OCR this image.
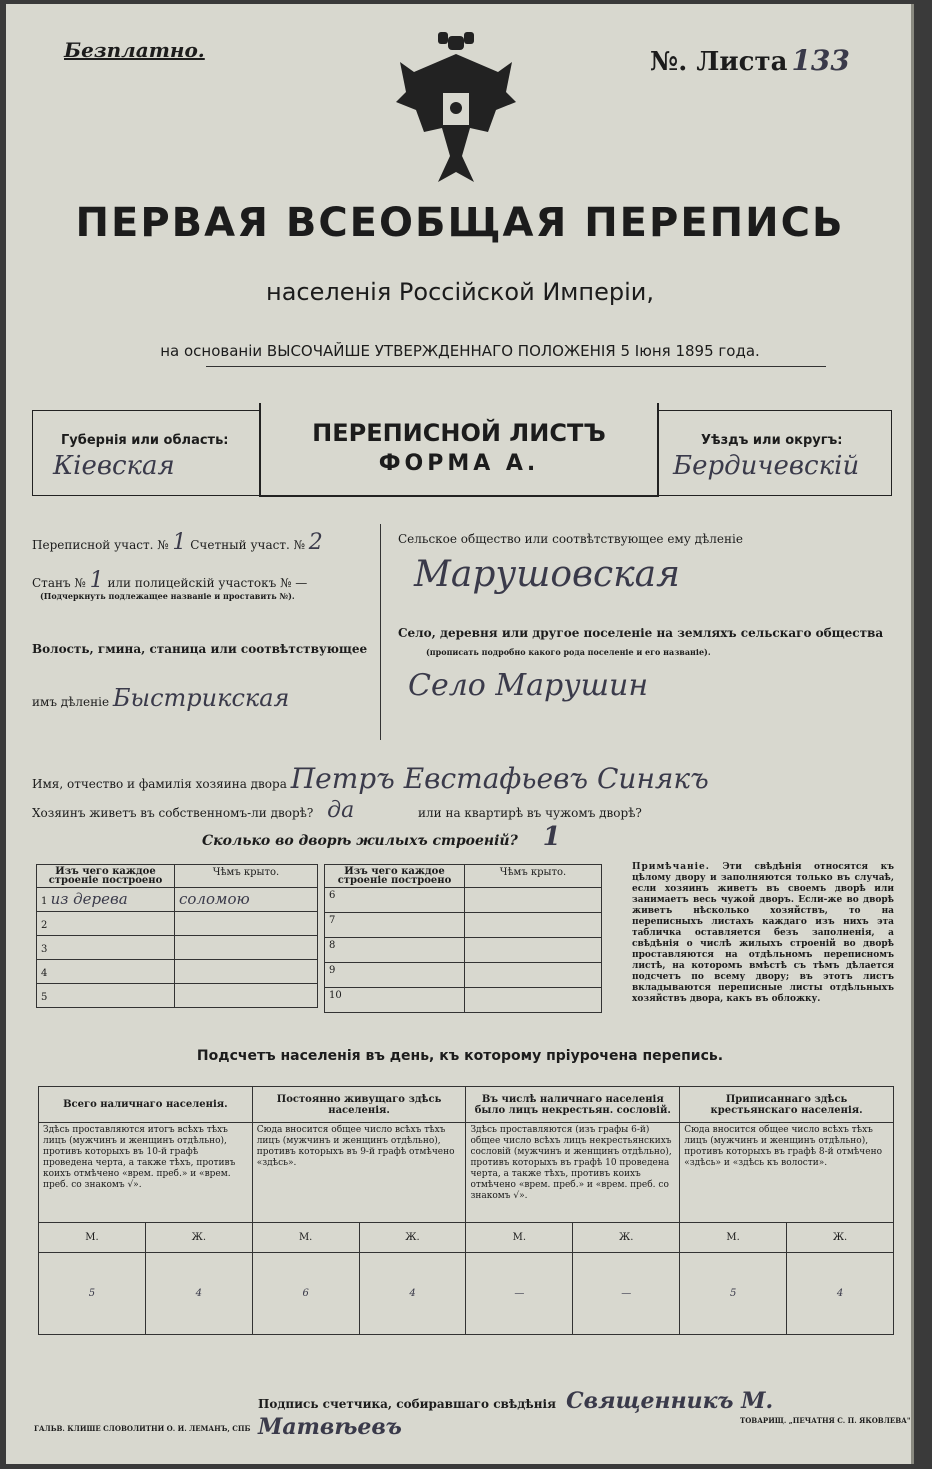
Безплатно.	№. Листа 133
ПЕРВАЯ ВСЕОБЩАЯ ПЕРЕПИСЬ
населенія Россійской Имперіи,
на основаніи ВЫСОЧАЙШЕ УТВЕРЖДЕННАГО ПОЛОЖЕНІЯ 5 Іюня 1895 года.
Губернія или область:
Кіевская
ПЕРЕПИСНОЙ ЛИСТЪ
ФОРМА А.
Уѣздъ или округъ:
Бердичевскій
Переписной участ. № 1 Счетный участ. № 2
Станъ № 1 или полицейскій участокъ № —
(Подчеркнуть подлежащее названіе и проставить №).
Волость, гмина, станица или соотвѣтствующее
имъ дѣленіе Быстрикская
Сельское общество или соотвѣтствующее ему дѣленіе
Марушовская
Село, деревня или другое поселеніе на земляхъ сельскаго общества
(прописать подробно какого рода поселеніе и его названіе).
Село Марушин
Имя, отчество и фамилія хозяина двора Петръ Евстафьевъ Синякъ
Хозяинъ живетъ въ собственномъ-ли дворѣ? да	или на квартирѣ въ чужомъ дворѣ?
Сколько во дворѣ жилыхъ строеній? 1
Изъ чего каждое строеніе построено	Чѣмъ крыто.
1 из дерева	соломою
2	
3	
4	
5	
Изъ чего каждое строеніе построено	Чѣмъ крыто.
6	
7	
8	
9	
10	
Примѣчаніе. Эти свѣдѣнія относятся къ цѣлому двору и заполняются только въ случаѣ, если хозяинъ живетъ въ своемъ дворѣ или занимаетъ весь чужой дворъ. Если-же во дворѣ живетъ нѣсколько хозяйствъ, то на переписныхъ листахъ каждаго изъ нихъ эта табличка оставляется безъ заполненія, а свѣдѣнія о числѣ жилыхъ строеній во дворѣ проставляются на отдѣльномъ переписномъ листѣ, на которомъ вмѣстѣ съ тѣмъ дѣлается подсчетъ по всему двору; въ этотъ листъ вкладываются переписные листы отдѣльныхъ хозяйствъ двора, какъ въ обложку.
Подсчетъ населенія въ день, къ которому пріурочена перепись.
Всего наличнаго населенія.		Постоянно живущаго здѣсь населенія.		Въ числѣ наличнаго населенія было лицъ некрестьян. сословій.		Приписаннаго здѣсь крестьянскаго населенія.	
Здѣсь проставляются итогъ всѣхъ тѣхъ лицъ (мужчинъ и женщинъ отдѣльно), противъ которыхъ въ 10-й графѣ проведена черта, а также тѣхъ, противъ коихъ отмѣчено «врем. преб.» и «врем. преб. со знакомъ √».		Сюда вносится общее число всѣхъ тѣхъ лицъ (мужчинъ и женщинъ отдѣльно), противъ которыхъ въ 9-й графѣ отмѣчено «здѣсь».		Здѣсь проставляются (изъ графы 6-й) общее число всѣхъ лицъ некрестьянскихъ сословій (мужчинъ и женщинъ отдѣльно), противъ которыхъ въ графѣ 10 проведена черта, а также тѣхъ, противъ коихъ отмѣчено «врем. преб.» и «врем. преб. со знакомъ √».		Сюда вносится общее число всѣхъ тѣхъ лицъ (мужчинъ и женщинъ отдѣльно), противъ которыхъ въ графѣ 8-й отмѣчено «здѣсь» и «здѣсь къ волости».	
М.	Ж.	М.	Ж.	М.	Ж.	М.	Ж.
5	4	6	4	—	—	5	4
Подпись счетчика, собиравшаго свѣдѣнія Священникъ М. Матвѣевъ
ГАЛЬВ. КЛИШЕ СЛОВОЛИТНИ О. И. ЛЕМАНЪ, СПБ
ТОВАРИЩ. „ПЕЧАТНЯ С. П. ЯКОВЛЕВА"
